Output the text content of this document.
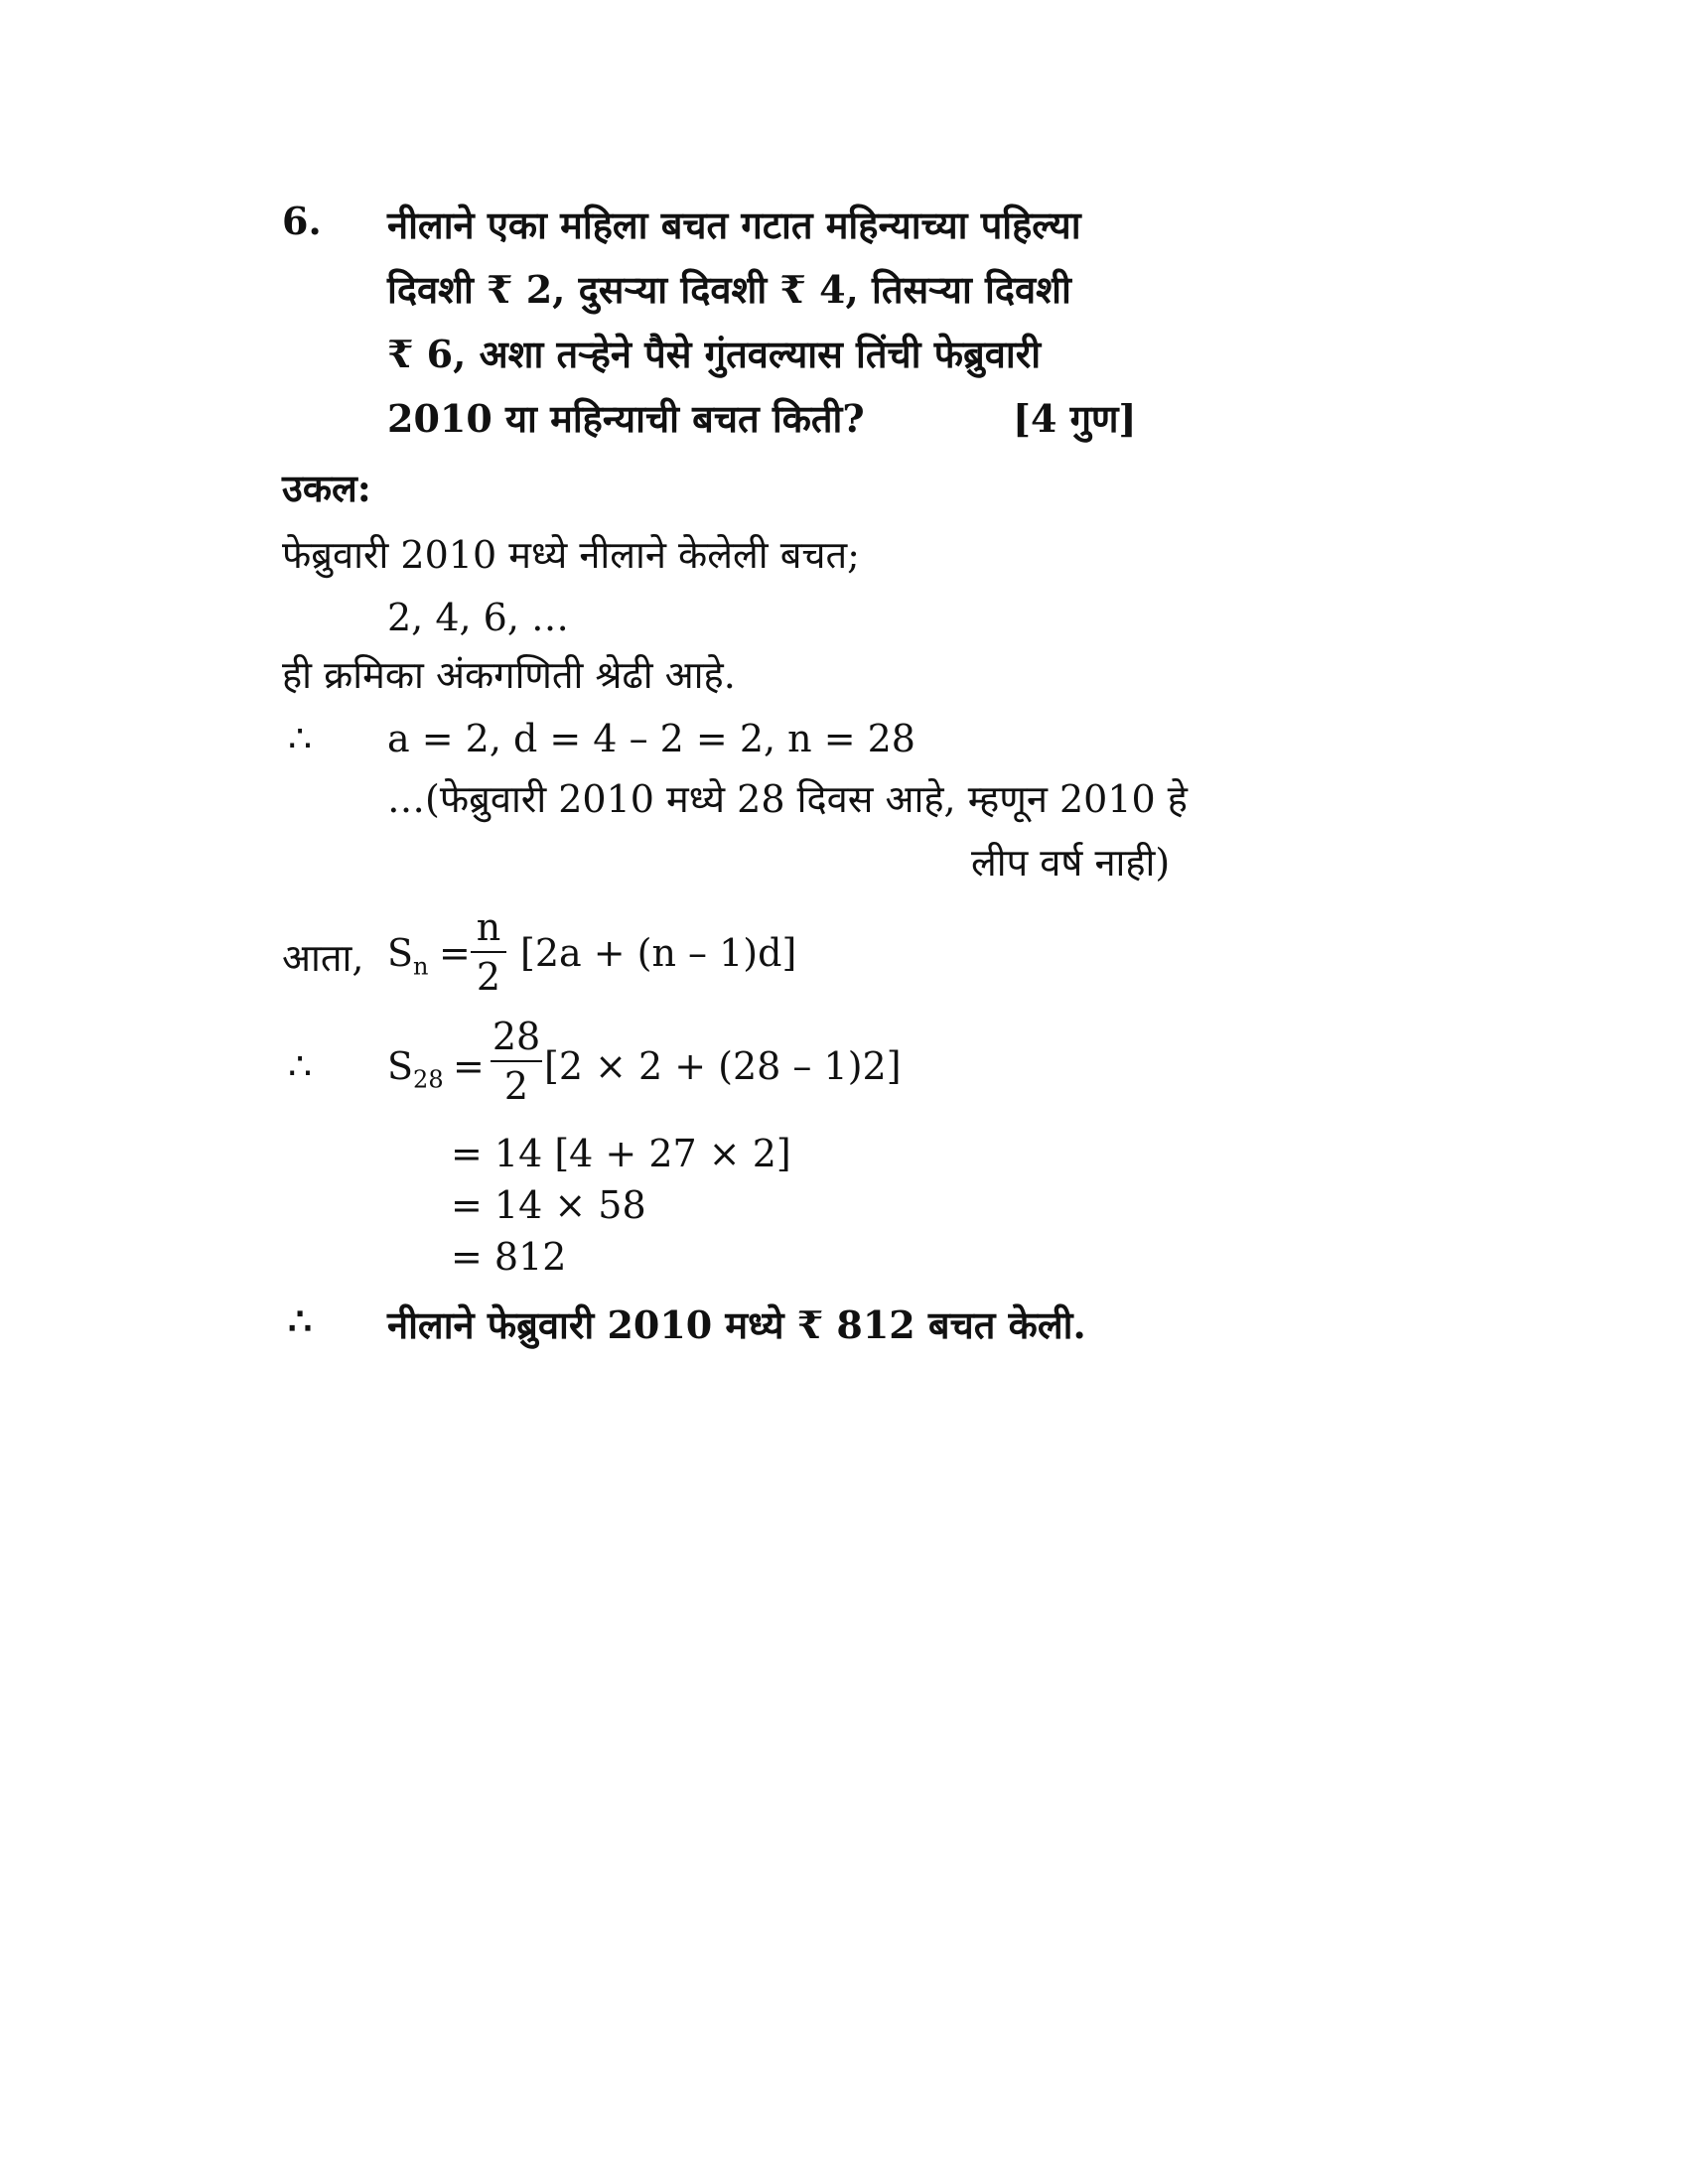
6. नीलाने एका महिला बचत गटात महिन्याच्या पहिल्या
दिवशी ₹ 2, दुसऱ्या दिवशी ₹ 4, तिसऱ्या दिवशी
₹ 6, अशा तऱ्हेने पैसे गुंतवल्यास तिंची फेब्रुवारी
2010 या महिन्याची बचत किती?	[4 गुण]
उकल:
फेब्रुवारी 2010 मध्ये नीलाने केलेली बचत;
2, 4, 6, …
ही क्रमिका अंकगणिती श्रेढी आहे.
∴ a = 2, d = 4 – 2 = 2, n = 28
…(फेब्रुवारी 2010 मध्ये 28 दिवस आहे, म्हणून 2010 हे
लीप वर्ष नाही)
आता, $S_n$ =
n
2
[2a + (n – 1)d]
∴ $S_{28}$ =
28
2 [2 × 2 + (28 – 1)2]
= 14 [4 + 27 × 2]
= 14 × 58
= 812
∴ नीलाने फेब्रुवारी 2010 मध्ये ₹ 812 बचत केली.
